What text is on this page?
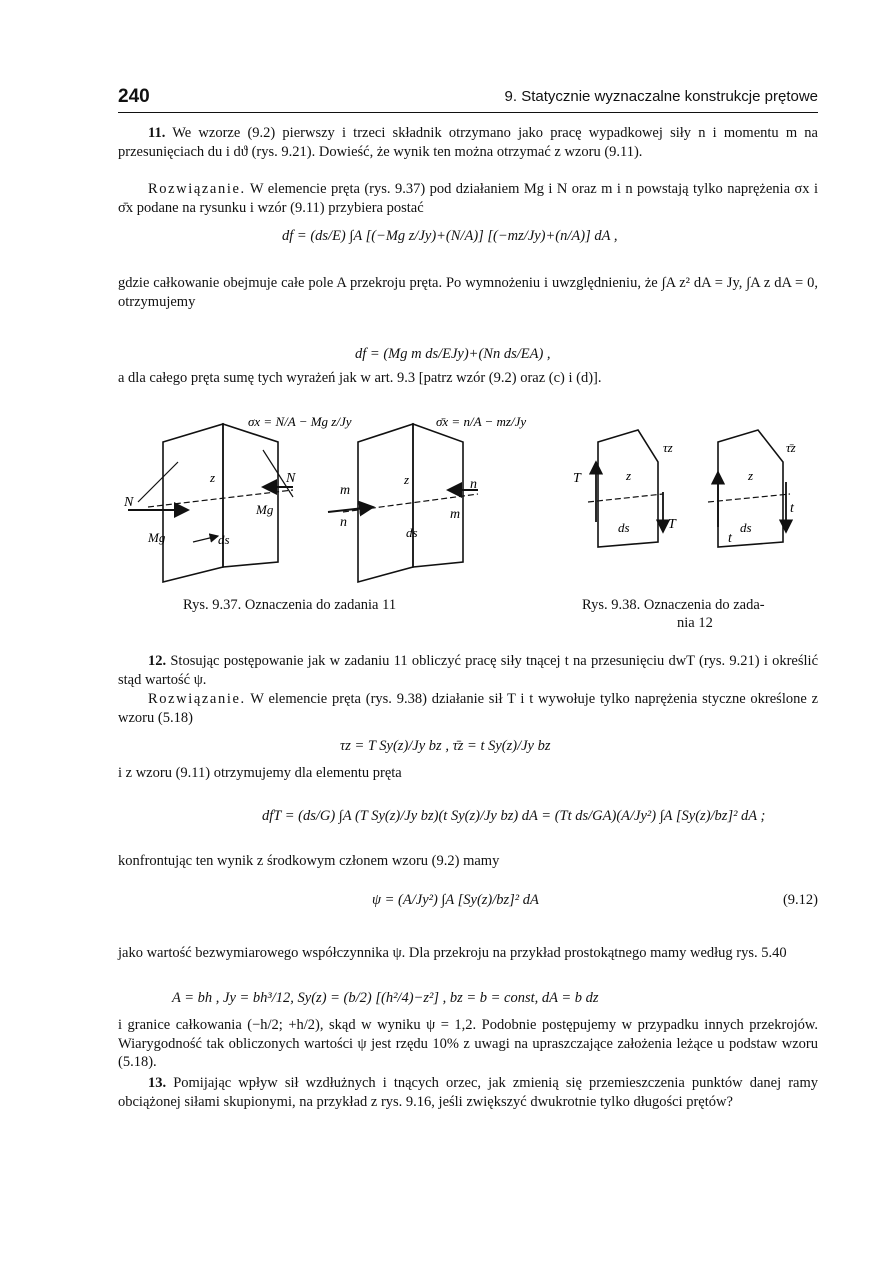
240	9. Statycznie wyznaczalne konstrukcje prętowe

11. We wzorze (9.2) pierwszy i trzeci składnik otrzymano jako pracę wypadkowej siły n i momentu m na przesunięciach du i dϑ (rys. 9.21). Dowieść, że wynik ten można otrzymać z wzoru (9.11).

Rozwiązanie. W elemencie pręta (rys. 9.37) pod działaniem Mg i N oraz m i n powstają tylko naprężenia σx i σ̄x podane na rysunku i wzór (9.11) przybiera postać

df = (ds/E) ∫A [(−Mg z/Jy)+(N/A)] [(−mz/Jy)+(n/A)] dA ,

gdzie całkowanie obejmuje całe pole A przekroju pręta. Po wymnożeniu i uwzględnieniu, że ∫A z² dA = Jy, ∫A z dA = 0, otrzymujemy

df = (Mg m ds/EJy)+(Nn ds/EA) ,

a dla całego pręta sumę tych wyrażeń jak w art. 9.3 [patrz wzór (9.2) oraz (c) i (d)].

N
N
z
ds
Mg
Mg
σx = N/A − Mg z/Jy
m
n
n
m
z
ds
σ̄x = n/A − mz/Jy
T
T
τz
z
ds
t
t
τ̄z
z
ds

Rys. 9.37. Oznaczenia do zadania 11	Rys. 9.38. Oznaczenia do zada-

nia 12

12. Stosując postępowanie jak w zadaniu 11 obliczyć pracę siły tnącej t na przesunięciu dwT (rys. 9.21) i określić stąd wartość ψ.

Rozwiązanie. W elemencie pręta (rys. 9.38) działanie sił T i t wywołuje tylko naprężenia styczne określone z wzoru (5.18)

τz = T Sy(z)/Jy bz , τ̄z = t Sy(z)/Jy bz

i z wzoru (9.11) otrzymujemy dla elementu pręta

dfT = (ds/G) ∫A (T Sy(z)/Jy bz)(t Sy(z)/Jy bz) dA = (Tt ds/GA)(A/Jy²) ∫A [Sy(z)/bz]² dA ;

konfrontując ten wynik z środkowym członem wzoru (9.2) mamy

ψ = (A/Jy²) ∫A [Sy(z)/bz]² dA	(9.12)

jako wartość bezwymiarowego współczynnika ψ. Dla przekroju na przykład prostokątnego mamy według rys. 5.40

A = bh , Jy = bh³/12, Sy(z) = (b/2) [(h²/4)−z²] , bz = b = const, dA = b dz

i granice całkowania (−h/2; +h/2), skąd w wyniku ψ = 1,2. Podobnie postępujemy w przypadku innych przekrojów. Wiarygodność tak obliczonych wartości ψ jest rzędu 10% z uwagi na upraszczające założenia leżące u podstaw wzoru (5.18).

13. Pomijając wpływ sił wzdłużnych i tnących orzec, jak zmienią się przemieszczenia punktów danej ramy obciążonej siłami skupionymi, na przykład z rys. 9.16, jeśli zwiększyć dwukrotnie tylko długości prętów?
